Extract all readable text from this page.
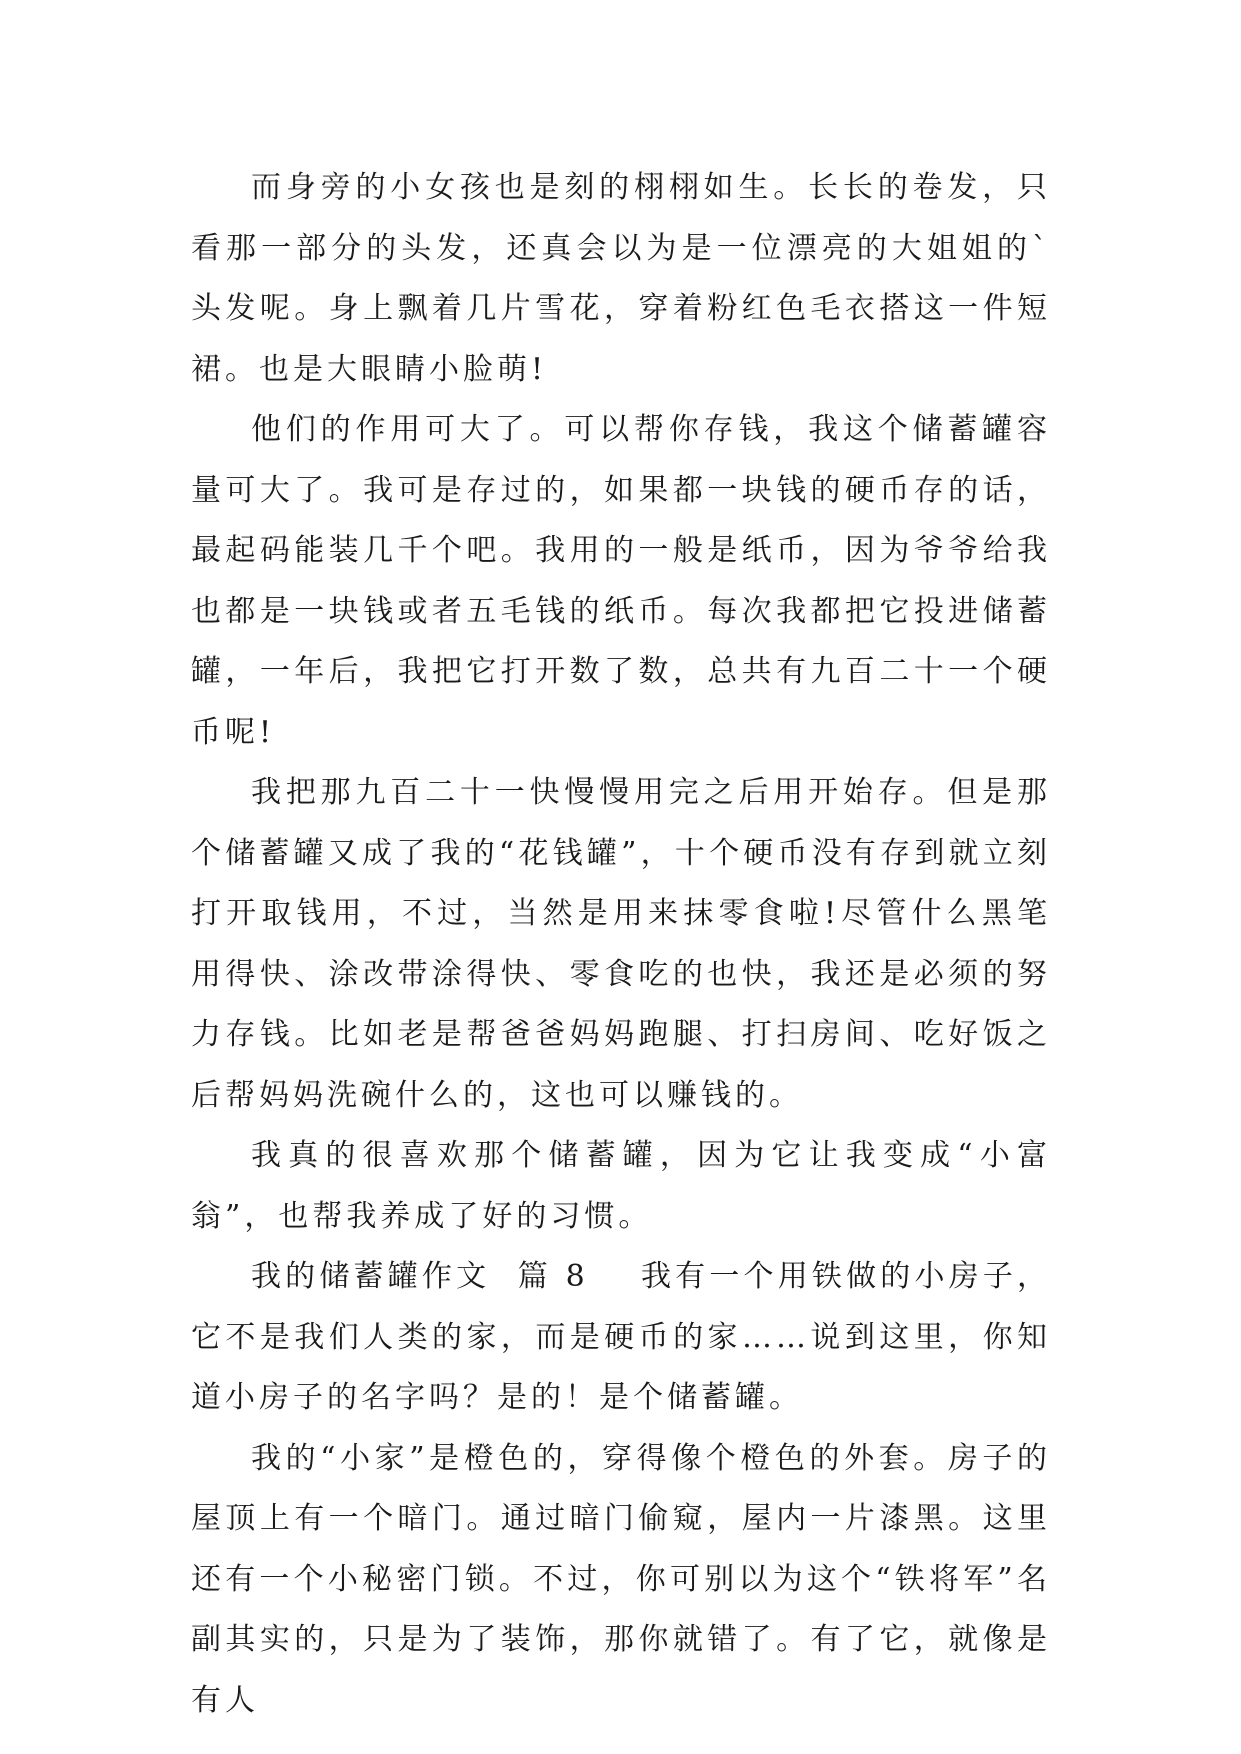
而身旁的小女孩也是刻的栩栩如生。长长的卷发，只看那一部分的头发，还真会以为是一位漂亮的大姐姐的`头发呢。身上飘着几片雪花，穿着粉红色毛衣搭这一件短裙。也是大眼睛小脸萌!

他们的作用可大了。可以帮你存钱，我这个储蓄罐容量可大了。我可是存过的，如果都一块钱的硬币存的话，最起码能装几千个吧。我用的一般是纸币，因为爷爷给我也都是一块钱或者五毛钱的纸币。每次我都把它投进储蓄罐，一年后，我把它打开数了数，总共有九百二十一个硬币呢!

我把那九百二十一快慢慢用完之后用开始存。但是那个储蓄罐又成了我的“花钱罐”，十个硬币没有存到就立刻打开取钱用，不过，当然是用来抹零食啦!尽管什么黑笔用得快、涂改带涂得快、零食吃的也快，我还是必须的努力存钱。比如老是帮爸爸妈妈跑腿、打扫房间、吃好饭之后帮妈妈洗碗什么的，这也可以赚钱的。

我真的很喜欢那个储蓄罐，因为它让我变成“小富翁”，也帮我养成了好的习惯。

我的储蓄罐作文 篇 8 我有一个用铁做的小房子，它不是我们人类的家，而是硬币的家……说到这里，你知道小房子的名字吗？是的！是个储蓄罐。

我的“小家”是橙色的，穿得像个橙色的外套。房子的屋顶上有一个暗门。通过暗门偷窥，屋内一片漆黑。这里还有一个小秘密门锁。不过，你可别以为这个“铁将军”名副其实的，只是为了装饰，那你就错了。有了它，就像是有人
